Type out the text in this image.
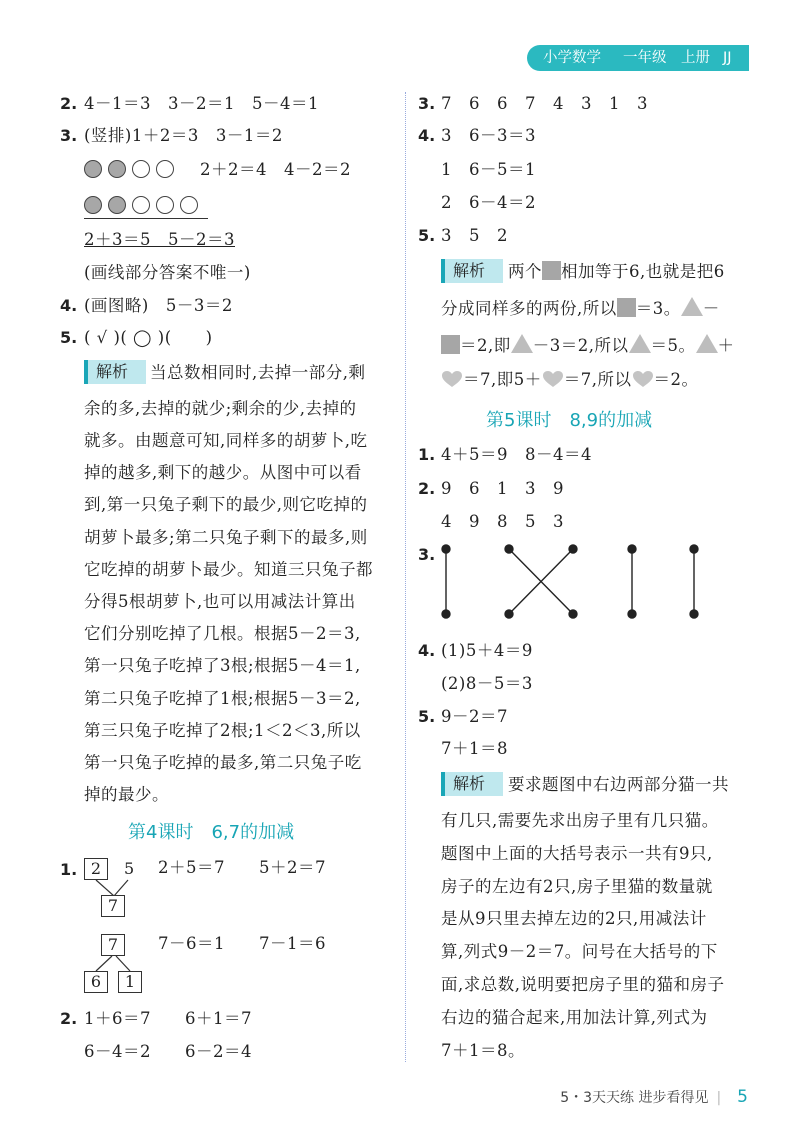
小学数学 一年级 上册 JJ
2. 4－1＝3　3－2＝1　5－4＝1
3. (竖排)1＋2＝3　3－1＝2
2＋2＝4　4－2＝2
2＋3＝5　5－2＝3
(画线部分答案不唯一)
4. (画图略)　5－3＝2
5. ( √ )( ◯ )(　　)
解析	当总数相同时,去掉一部分,剩
余的多,去掉的就少;剩余的少,去掉的
就多。由题意可知,同样多的胡萝卜,吃
掉的越多,剩下的越少。从图中可以看
到,第一只兔子剩下的最少,则它吃掉的
胡萝卜最多;第二只兔子剩下的最多,则
它吃掉的胡萝卜最少。知道三只兔子都
分得5根胡萝卜,也可以用减法计算出
它们分别吃掉了几根。根据5－2＝3,
第一只兔子吃掉了3根;根据5－4＝1,
第二只兔子吃掉了1根;根据5－3＝2,
第三只兔子吃掉了2根;1＜2＜3,所以
第一只兔子吃掉的最多,第二只兔子吃
掉的最少。
第4课时　6,7的加减
1. 2	5
7
2＋5＝7　　5＋2＝7
7
6	1
7－6＝1　　7－1＝6
2. 1＋6＝7　　6＋1＝7
6－4＝2　　6－2＝4
3. 7　6　6　7　4　3　1　3
4. 3　6－3＝3
1　6－5＝1
2　6－4＝2
5. 3　5　2
解析	两个 相加等于6,也就是把6
分成同样多的两份,所以 ＝3。 －
＝2,即 －3＝2,所以 ＝5。 ＋
＝7,即5＋ ＝7,所以 ＝2。
第5课时　8,9的加减
1. 4＋5＝9　8－4＝4
2. 9　6　1　3　9
4　9　8　5　3
3.
4. (1)5＋4＝9
(2)8－5＝3
5. 9－2＝7
7＋1＝8
解析	要求题图中右边两部分猫一共
有几只,需要先求出房子里有几只猫。
题图中上面的大括号表示一共有9只,
房子的左边有2只,房子里猫的数量就
是从9只里去掉左边的2只,用减法计
算,列式9－2＝7。问号在大括号的下
面,求总数,说明要把房子里的猫和房子
右边的猫合起来,用加法计算,列式为
7＋1＝8。
5・3天天练 进步看得见 | 5
